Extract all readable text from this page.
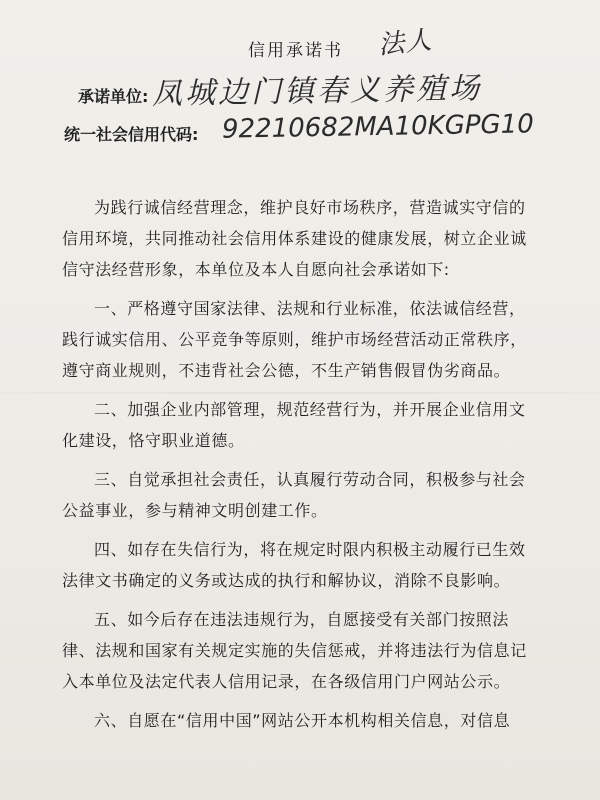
信用承诺书 法人
承诺单位: 凤城边门镇春义养殖场
统一社会信用代码: 92210682MA10KGPG10

为践行诚信经营理念，维护良好市场秩序，营造诚实守信的信用环境，共同推动社会信用体系建设的健康发展，树立企业诚信守法经营形象，本单位及本人自愿向社会承诺如下:

一、严格遵守国家法律、法规和行业标准，依法诚信经营，践行诚实信用、公平竞争等原则，维护市场经营活动正常秩序，遵守商业规则，不违背社会公德，不生产销售假冒伪劣商品。

二、加强企业内部管理，规范经营行为，并开展企业信用文化建设，恪守职业道德。

三、自觉承担社会责任，认真履行劳动合同，积极参与社会公益事业，参与精神文明创建工作。

四、如存在失信行为，将在规定时限内积极主动履行已生效法律文书确定的义务或达成的执行和解协议，消除不良影响。

五、如今后存在违法违规行为，自愿接受有关部门按照法律、法规和国家有关规定实施的失信惩戒，并将违法行为信息记入本单位及法定代表人信用记录，在各级信用门户网站公示。

六、自愿在“信用中国”网站公开本机构相关信息，对信息
